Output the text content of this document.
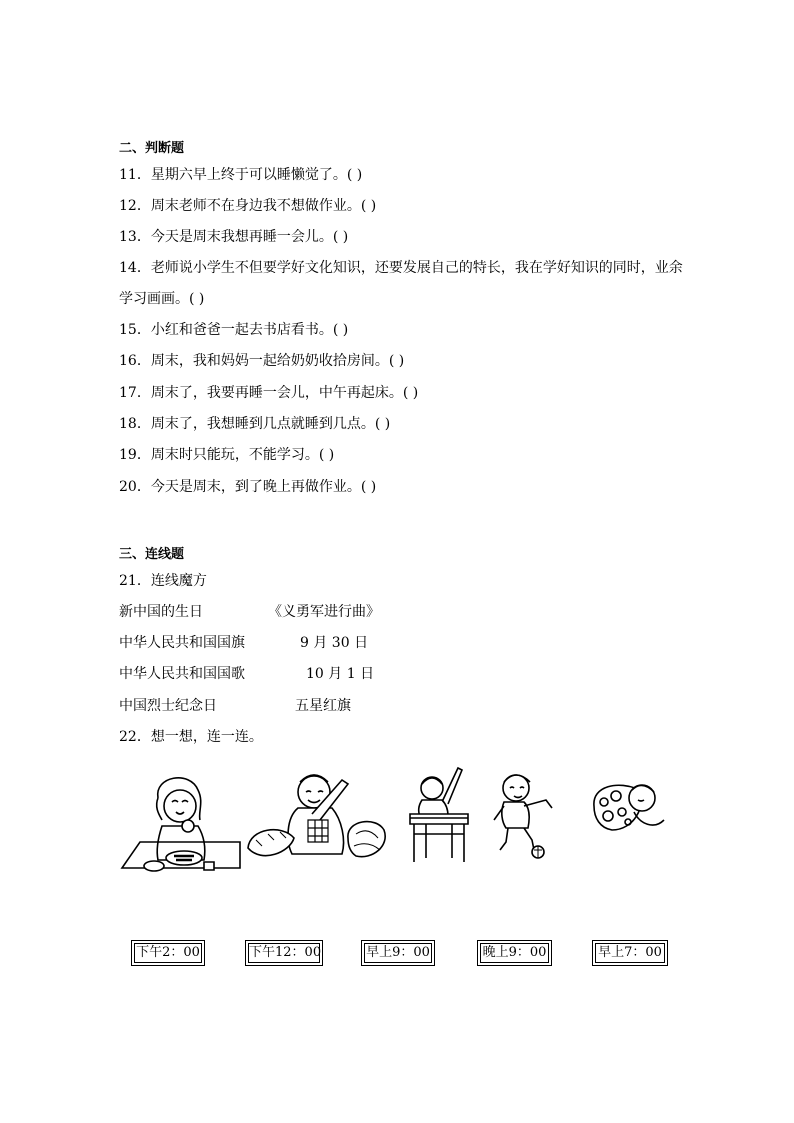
二、判断题
11．星期六早上终于可以睡懒觉了。( )
12．周末老师不在身边我不想做作业。( )
13．今天是周末我想再睡一会儿。( )
14．老师说小学生不但要学好文化知识，还要发展自己的特长，我在学好知识的同时，业余
学习画画。( )
15．小红和爸爸一起去书店看书。( )
16．周末，我和妈妈一起给奶奶收拾房间。( )
17．周末了，我要再睡一会儿，中午再起床。( )
18．周末了，我想睡到几点就睡到几点。( )
19．周末时只能玩，不能学习。( )
20．今天是周末，到了晚上再做作业。( )
三、连线题
21．连线魔方
新中国的生日	《义勇军进行曲》
中华人民共和国国旗	9 月 30 日
中华人民共和国国歌	10 月 1 日
中国烈士纪念日	五星红旗
22．想一想，连一连。
下午2：00	下午12：00	早上9：00	晚上9：00	早上7：00
